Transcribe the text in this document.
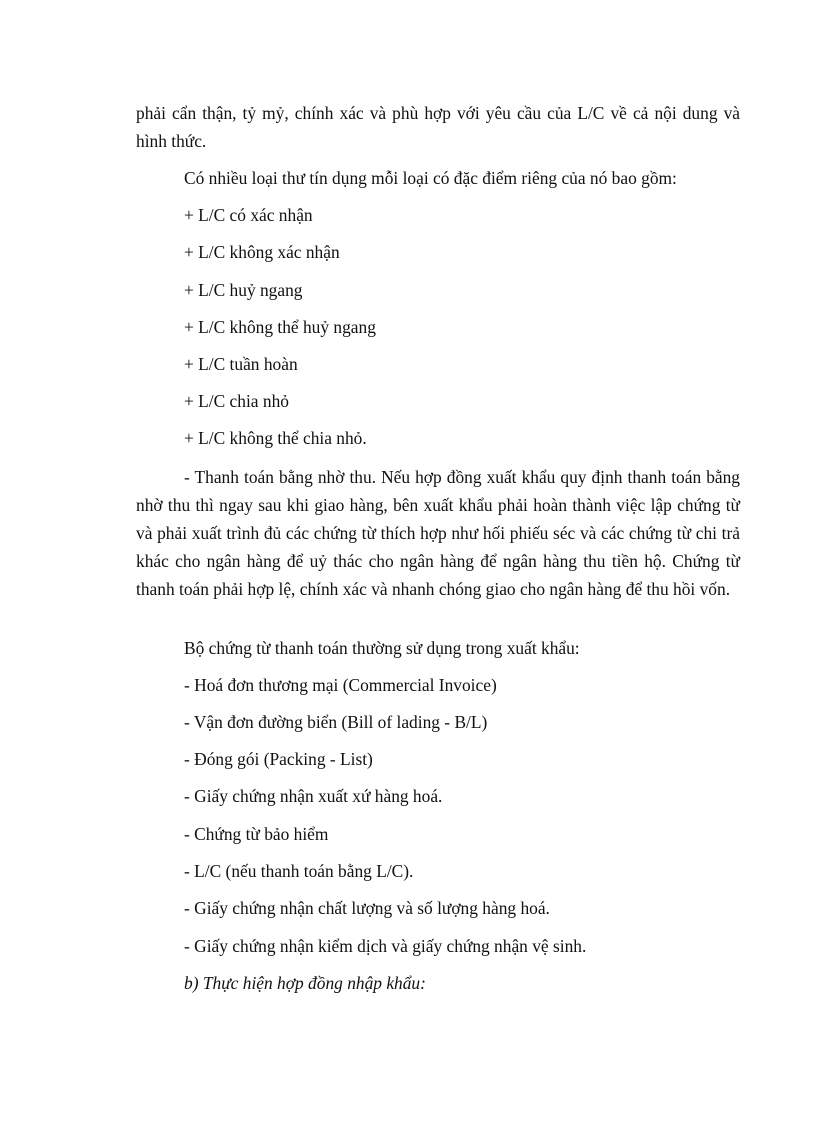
phải cẩn thận, tỷ mỷ, chính xác và phù hợp với yêu cầu của L/C về cả nội dung và hình thức.

Có nhiều loại thư tín dụng mỗi loại có đặc điểm riêng của nó bao gồm:
+ L/C có xác nhận
+ L/C không xác nhận
+ L/C huỷ ngang
+ L/C không thể huỷ ngang
+ L/C tuần hoàn
+ L/C chia nhỏ
+ L/C không thể chia nhỏ.

- Thanh toán bằng nhờ thu. Nếu hợp đồng xuất khẩu quy định thanh toán bằng nhờ thu thì ngay sau khi giao hàng, bên xuất khẩu phải hoàn thành việc lập chứng từ và phải xuất trình đủ các chứng từ thích hợp như hối phiếu séc và các chứng từ chi trả khác cho ngân hàng để uỷ thác cho ngân hàng để ngân hàng thu tiền hộ. Chứng từ thanh toán phải hợp lệ, chính xác và nhanh chóng giao cho ngân hàng để thu hồi vốn.

Bộ chứng từ thanh toán thường sử dụng trong xuất khẩu:
- Hoá đơn thương mại (Commercial Invoice)
- Vận đơn đường biển (Bill of lading - B/L)
- Đóng gói (Packing - List)
- Giấy chứng nhận xuất xứ hàng hoá.
- Chứng từ bảo hiểm
- L/C (nếu thanh toán bằng L/C).
- Giấy chứng nhận chất lượng và số lượng hàng hoá.
- Giấy chứng nhận kiểm dịch và giấy chứng nhận vệ sinh.
b) Thực hiện hợp đồng nhập khẩu:
